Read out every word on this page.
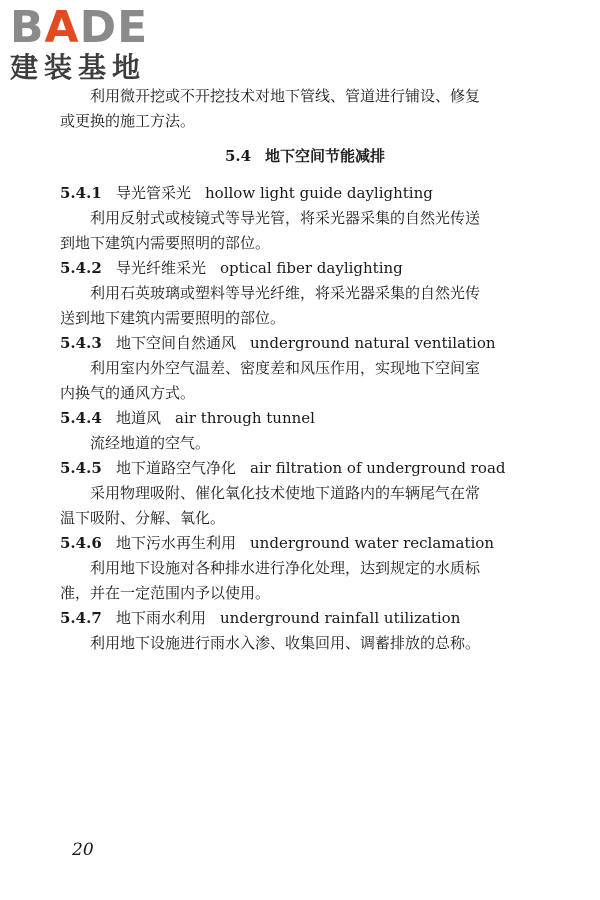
BADE
建装基地
利用微开挖或不开挖技术对地下管线、管道进行铺设、修复
或更换的施工方法。
5.4 地下空间节能减排
5.4.1 导光管采光 hollow light guide daylighting
利用反射式或棱镜式等导光管，将采光器采集的自然光传送
到地下建筑内需要照明的部位。
5.4.2 导光纤维采光 optical fiber daylighting
利用石英玻璃或塑料等导光纤维，将采光器采集的自然光传
送到地下建筑内需要照明的部位。
5.4.3 地下空间自然通风 underground natural ventilation
利用室内外空气温差、密度差和风压作用，实现地下空间室
内换气的通风方式。
5.4.4 地道风 air through tunnel
流经地道的空气。
5.4.5 地下道路空气净化 air filtration of underground road
采用物理吸附、催化氧化技术使地下道路内的车辆尾气在常
温下吸附、分解、氧化。
5.4.6 地下污水再生利用 underground water reclamation
利用地下设施对各种排水进行净化处理，达到规定的水质标
准，并在一定范围内予以使用。
5.4.7 地下雨水利用 underground rainfall utilization
利用地下设施进行雨水入渗、收集回用、调蓄排放的总称。
20
